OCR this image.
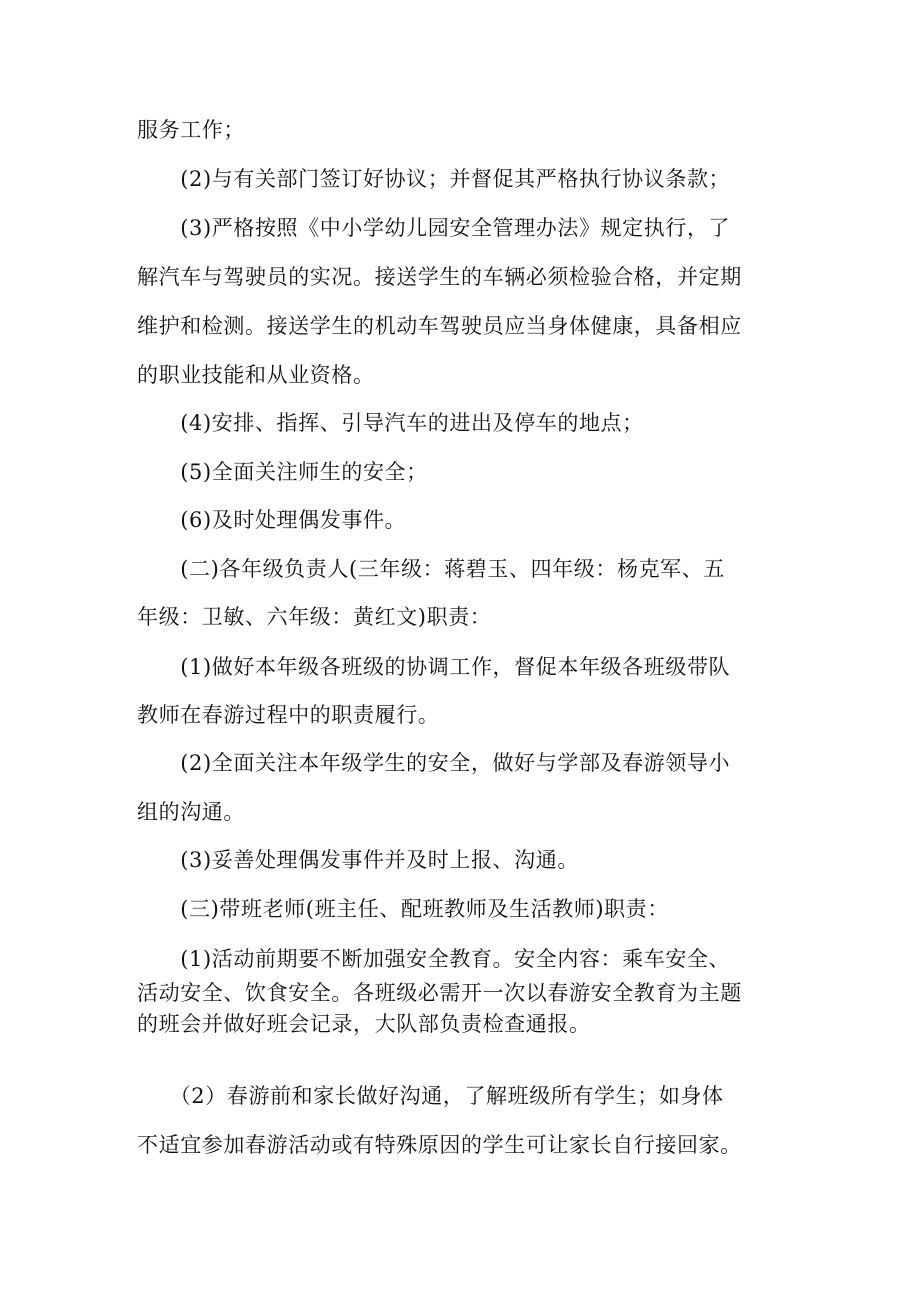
服务工作；
　　(2)与有关部门签订好协议；并督促其严格执行协议条款；
　　(3)严格按照《中小学幼儿园安全管理办法》规定执行，了
解汽车与驾驶员的实况。接送学生的车辆必须检验合格，并定期
维护和检测。接送学生的机动车驾驶员应当身体健康，具备相应
的职业技能和从业资格。
　　(4)安排、指挥、引导汽车的进出及停车的地点；
　　(5)全面关注师生的安全；
　　(6)及时处理偶发事件。
　　(二)各年级负责人(三年级：蒋碧玉、四年级：杨克军、五
年级：卫敏、六年级：黄红文)职责：
　　(1)做好本年级各班级的协调工作，督促本年级各班级带队
教师在春游过程中的职责履行。
　　(2)全面关注本年级学生的安全，做好与学部及春游领导小
组的沟通。
　　(3)妥善处理偶发事件并及时上报、沟通。
　　(三)带班老师(班主任、配班教师及生活教师)职责：
　　(1)活动前期要不断加强安全教育。安全内容：乘车安全、
活动安全、饮食安全。各班级必需开一次以春游安全教育为主题
的班会并做好班会记录，大队部负责检查通报。
　　（2）春游前和家长做好沟通，了解班级所有学生；如身体
不适宜参加春游活动或有特殊原因的学生可让家长自行接回家。
